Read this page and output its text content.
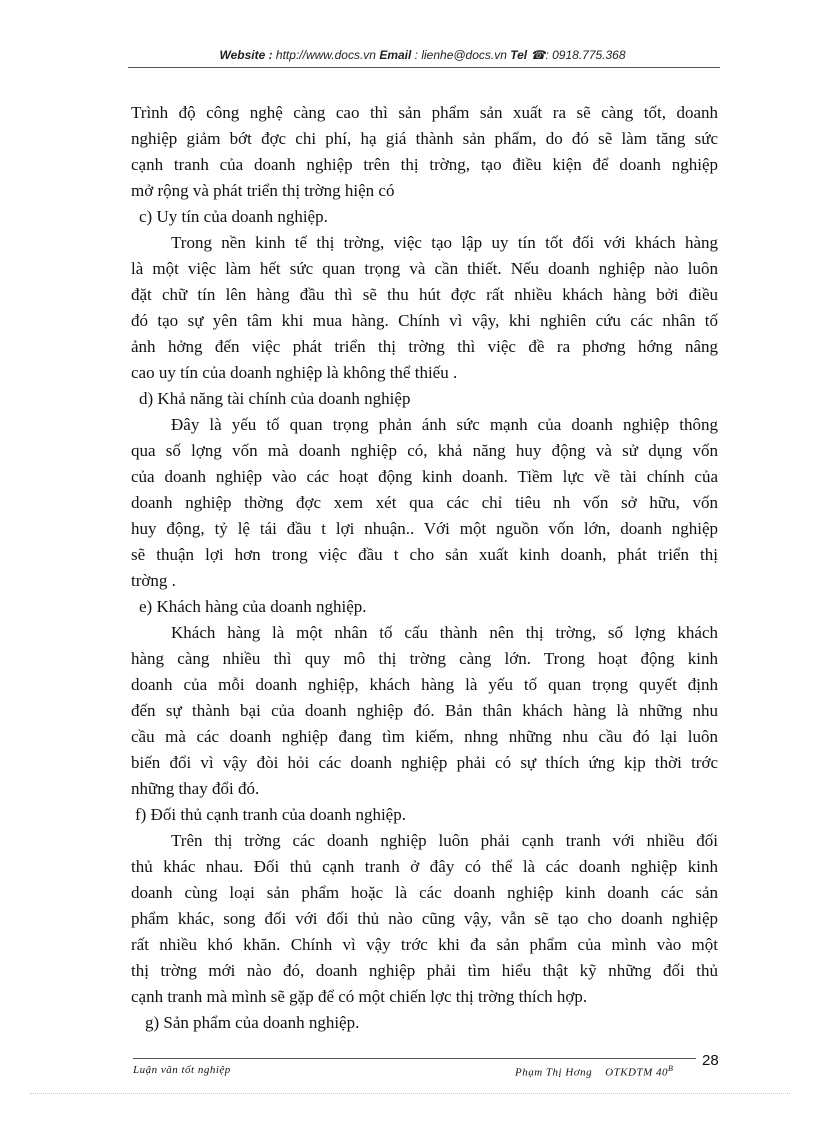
Website : http://www.docs.vn Email : lienhe@docs.vn Tel ☎: 0918.775.368
Trình độ công nghệ càng cao thì sản phẩm sản xuất ra sẽ càng tốt, doanh
nghiệp giảm bớt đợc chi phí, hạ giá thành sản phẩm, do đó sẽ làm tăng sức
cạnh tranh của doanh nghiệp trên thị trờng, tạo điều kiện để doanh nghiệp
mở rộng và phát triển thị trờng hiện có
c) Uy tín của doanh nghiệp.
Trong nền kinh tế thị trờng, việc tạo lập uy tín tốt đối với khách hàng
là một việc làm hết sức quan trọng và cần thiết. Nếu doanh nghiệp nào luôn
đặt chữ tín lên hàng đầu thì sẽ thu hút đợc rất nhiều khách hàng bởi điều
đó tạo sự yên tâm khi mua hàng. Chính vì vậy, khi nghiên cứu các nhân tố
ảnh hởng đến việc phát triển thị trờng thì việc đề ra phơng hớng nâng
cao uy tín của doanh nghiệp là không thể thiếu .
d) Khả năng tài chính của doanh nghiệp
Đây là yếu tố quan trọng phản ánh sức mạnh của doanh nghiệp thông
qua số lợng vốn mà doanh nghiệp có, khả năng huy động và sử dụng vốn
của doanh nghiệp vào các hoạt động kinh doanh. Tiềm lực về tài chính của
doanh nghiệp thờng đợc xem xét qua các chỉ tiêu nh vốn sở hữu, vốn
huy động, tỷ lệ tái đầu t lợi nhuận.. Với một nguồn vốn lớn, doanh nghiệp
sẽ thuận lợi hơn trong việc đầu t cho sản xuất kinh doanh, phát triển thị
trờng .
e) Khách hàng của doanh nghiệp.
Khách hàng là một nhân tố cấu thành nên thị trờng, số lợng khách
hàng càng nhiều thì quy mô thị trờng càng lớn. Trong hoạt động kinh
doanh của mỗi doanh nghiệp, khách hàng là yếu tố quan trọng quyết định
đến sự thành bại của doanh nghiệp đó. Bản thân khách hàng là những nhu
cầu mà các doanh nghiệp đang tìm kiếm, nhng những nhu cầu đó lại luôn
biến đổi vì vậy đòi hỏi các doanh nghiệp phải có sự thích ứng kịp thời trớc
những thay đổi đó.
f) Đối thủ cạnh tranh của doanh nghiệp.
Trên thị trờng các doanh nghiệp luôn phải cạnh tranh với nhiều đối
thủ khác nhau. Đối thủ cạnh tranh ở đây có thể là các doanh nghiệp kinh
doanh cùng loại sản phẩm hoặc là các doanh nghiệp kinh doanh các sản
phẩm khác, song đối với đối thủ nào cũng vậy, vẫn sẽ tạo cho doanh nghiệp
rất nhiều khó khăn. Chính vì vậy trớc khi đa sản phẩm của mình vào một
thị trờng mới nào đó, doanh nghiệp phải tìm hiểu thật kỹ những đối thủ
cạnh tranh mà mình sẽ gặp để có một chiến lợc thị trờng thích hợp.
g) Sản phẩm của doanh nghiệp.
Luận văn tốt nghiệp	Phạm Thị Hơng OTKDTM $40^B$ 28
